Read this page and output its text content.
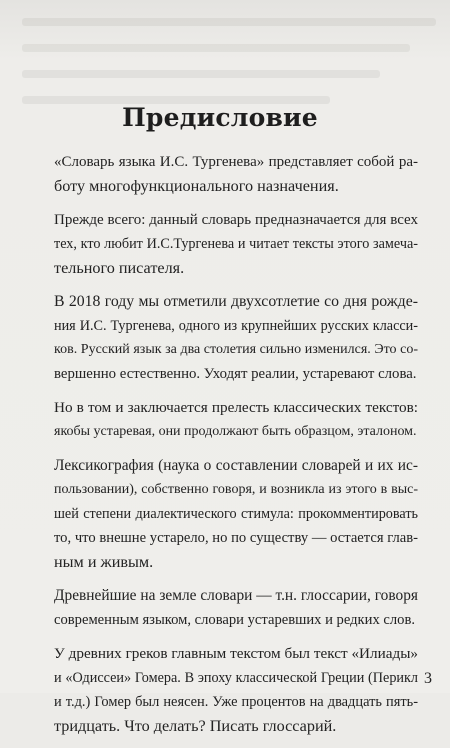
Предисловие

«Словарь языка И.С. Тургенева» представляет собой ра-
боту многофункционального назначения.

Прежде всего: данный словарь предназначается для всех
тех, кто любит И.С.Тургенева и читает тексты этого замеча-
тельного писателя.

В 2018 году мы отметили двухсотлетие со дня рожде-
ния И.С. Тургенева, одного из крупнейших русских класси-
ков. Русский язык за два столетия сильно изменился. Это со-
вершенно естественно. Уходят реалии, устаревают слова.

Но в том и заключается прелесть классических текстов:
якобы устаревая, они продолжают быть образцом, эталоном.

Лексикография (наука о составлении словарей и их ис-
пользовании), собственно говоря, и возникла из этого в выс-
шей степени диалектического стимула: прокомментировать
то, что внешне устарело, но по существу — остается глав-
ным и живым.

Древнейшие на земле словари — т.н. глоссарии, говоря
современным языком, словари устаревших и редких слов.

У древних греков главным текстом был текст «Илиады»
и «Одиссеи» Гомера. В эпоху классической Греции (Перикл
и т.д.) Гомер был неясен. Уже процентов на двадцать пять-
тридцать. Что делать? Писать глоссарий.

3
